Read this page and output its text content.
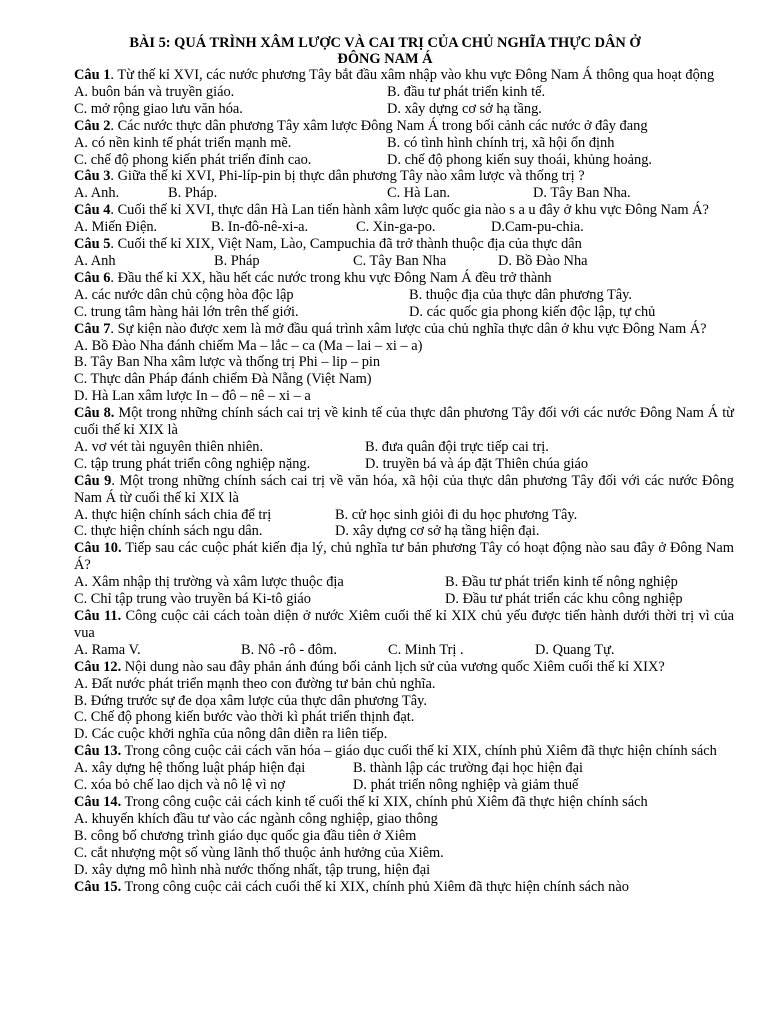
BÀI 5: QUÁ TRÌNH XÂM LƯỢC VÀ CAI TRỊ CỦA CHỦ NGHĨA THỰC DÂN Ở
ĐÔNG NAM Á
Câu 1. Từ thế kỉ XVI, các nước phương Tây bắt đầu xâm nhập vào khu vực Đông Nam Á thông qua hoạt động
A. buôn bán và truyền giáo.	B. đầu tư phát triển kinh tế.
C. mở rộng giao lưu văn hóa.	D. xây dựng cơ sở hạ tầng.
Câu 2. Các nước thực dân phương Tây xâm lược Đông Nam Á trong bối cảnh các nước ở đây đang
A. có nền kinh tế phát triển mạnh mẽ.	B. có tình hình chính trị, xã hội ổn định
C. chế độ phong kiến phát triển đỉnh cao.	D. chế độ phong kiến suy thoái, khủng hoảng.
Câu 3. Giữa thế kỉ XVI, Phi-líp-pin bị thực dân phương Tây nào xâm lược và thống trị ?
A. Anh.	B. Pháp.	C. Hà Lan.	D. Tây Ban Nha.
Câu 4. Cuối thế kỉ XVI, thực dân Hà Lan tiến hành xâm lược quốc gia nào s a u đây ở khu vực Đông Nam Á?
A. Miến Điện.	B. In-đô-nê-xi-a.	C. Xin-ga-po.	D.Cam-pu-chia.
Câu 5. Cuối thế kỉ XIX, Việt Nam, Lào, Campuchia đã trở thành thuộc địa của thực dân
A. Anh	B. Pháp	C. Tây Ban Nha	D. Bồ Đào Nha
Câu 6. Đầu thế kỉ XX, hầu hết các nước trong khu vực Đông Nam Á đều trở thành
A. các nước dân chủ cộng hòa độc lập	B. thuộc địa của thực dân phương Tây.
C. trung tâm hàng hải lớn trên thế giới.	D. các quốc gia phong kiến độc lập, tự chủ
Câu 7. Sự kiện nào được xem là mở đầu quá trình xâm lược của chủ nghĩa thực dân ở khu vực Đông Nam Á?
A. Bồ Đào Nha đánh chiếm Ma – lắc – ca (Ma – lai – xi – a)
B. Tây Ban Nha xâm lược và thống trị Phi – lip – pin
C. Thực dân Pháp đánh chiếm Đà Nẵng (Việt Nam)
D. Hà Lan xâm lược In – đô – nê – xi – a
Câu 8. Một trong những chính sách cai trị về kinh tế của thực dân phương Tây đối với các nước Đông Nam Á từ cuối thế kỉ XIX là
A. vơ vét tài nguyên thiên nhiên.	B. đưa quân đội trực tiếp cai trị.
C. tập trung phát triển công nghiệp nặng.	D. truyền bá và áp đặt Thiên chúa giáo
Câu 9. Một trong những chính sách cai trị về văn hóa, xã hội của thực dân phương Tây đối với các nước Đông Nam Á từ cuối thế kỉ XIX là
A. thực hiện chính sách chia để trị	B. cử học sinh giỏi đi du học phương Tây.
C. thực hiện chính sách ngu dân.	D. xây dựng cơ sở hạ tầng hiện đại.
Câu 10. Tiếp sau các cuộc phát kiến địa lý, chủ nghĩa tư bản phương Tây có hoạt động nào sau đây ở Đông Nam Á?
A. Xâm nhập thị trường và xâm lược thuộc địa	B. Đầu tư phát triển kinh tế nông nghiệp
C. Chỉ tập trung vào truyền bá Ki-tô giáo	D. Đầu tư phát triển các khu công nghiệp
Câu 11. Công cuộc cải cách toàn diện ở nước Xiêm cuối thế kỉ XIX chủ yếu được tiến hành dưới thời trị vì của vua
A. Rama V.	B. Nô -rô - đôm.	C. Minh Trị .	D. Quang Tự.
Câu 12. Nội dung nào sau đây phản ánh đúng bối cảnh lịch sử của vương quốc Xiêm cuối thế kỉ XIX?
A. Đất nước phát triển mạnh theo con đường tư bản chủ nghĩa.
B. Đứng trước sự đe dọa xâm lược của thực dân phương Tây.
C. Chế độ phong kiến bước vào thời kì phát triển thịnh đạt.
D. Các cuộc khởi nghĩa của nông dân diễn ra liên tiếp.
Câu 13. Trong công cuộc cải cách văn hóa – giáo dục cuối thế kỉ XIX, chính phủ Xiêm đã thực hiện chính sách
A. xây dựng hệ thống luật pháp hiện đại	B. thành lập các trường đại học hiện đại
C. xóa bỏ chế lao dịch và nô lệ vì nợ	D. phát triển nông nghiệp và giảm thuế
Câu 14. Trong công cuộc cải cách kinh tế cuối thế kỉ XIX, chính phủ Xiêm đã thực hiện chính sách
A. khuyến khích đầu tư vào các ngành công nghiệp, giao thông
B. công bố chương trình giáo dục quốc gia đầu tiên ở Xiêm
C. cắt nhượng một số vùng lãnh thổ thuộc ảnh hưởng của Xiêm.
D. xây dựng mô hình nhà nước thống nhất, tập trung, hiện đại
Câu 15. Trong công cuộc cải cách cuối thế kỉ XIX, chính phủ Xiêm đã thực hiện chính sách nào
